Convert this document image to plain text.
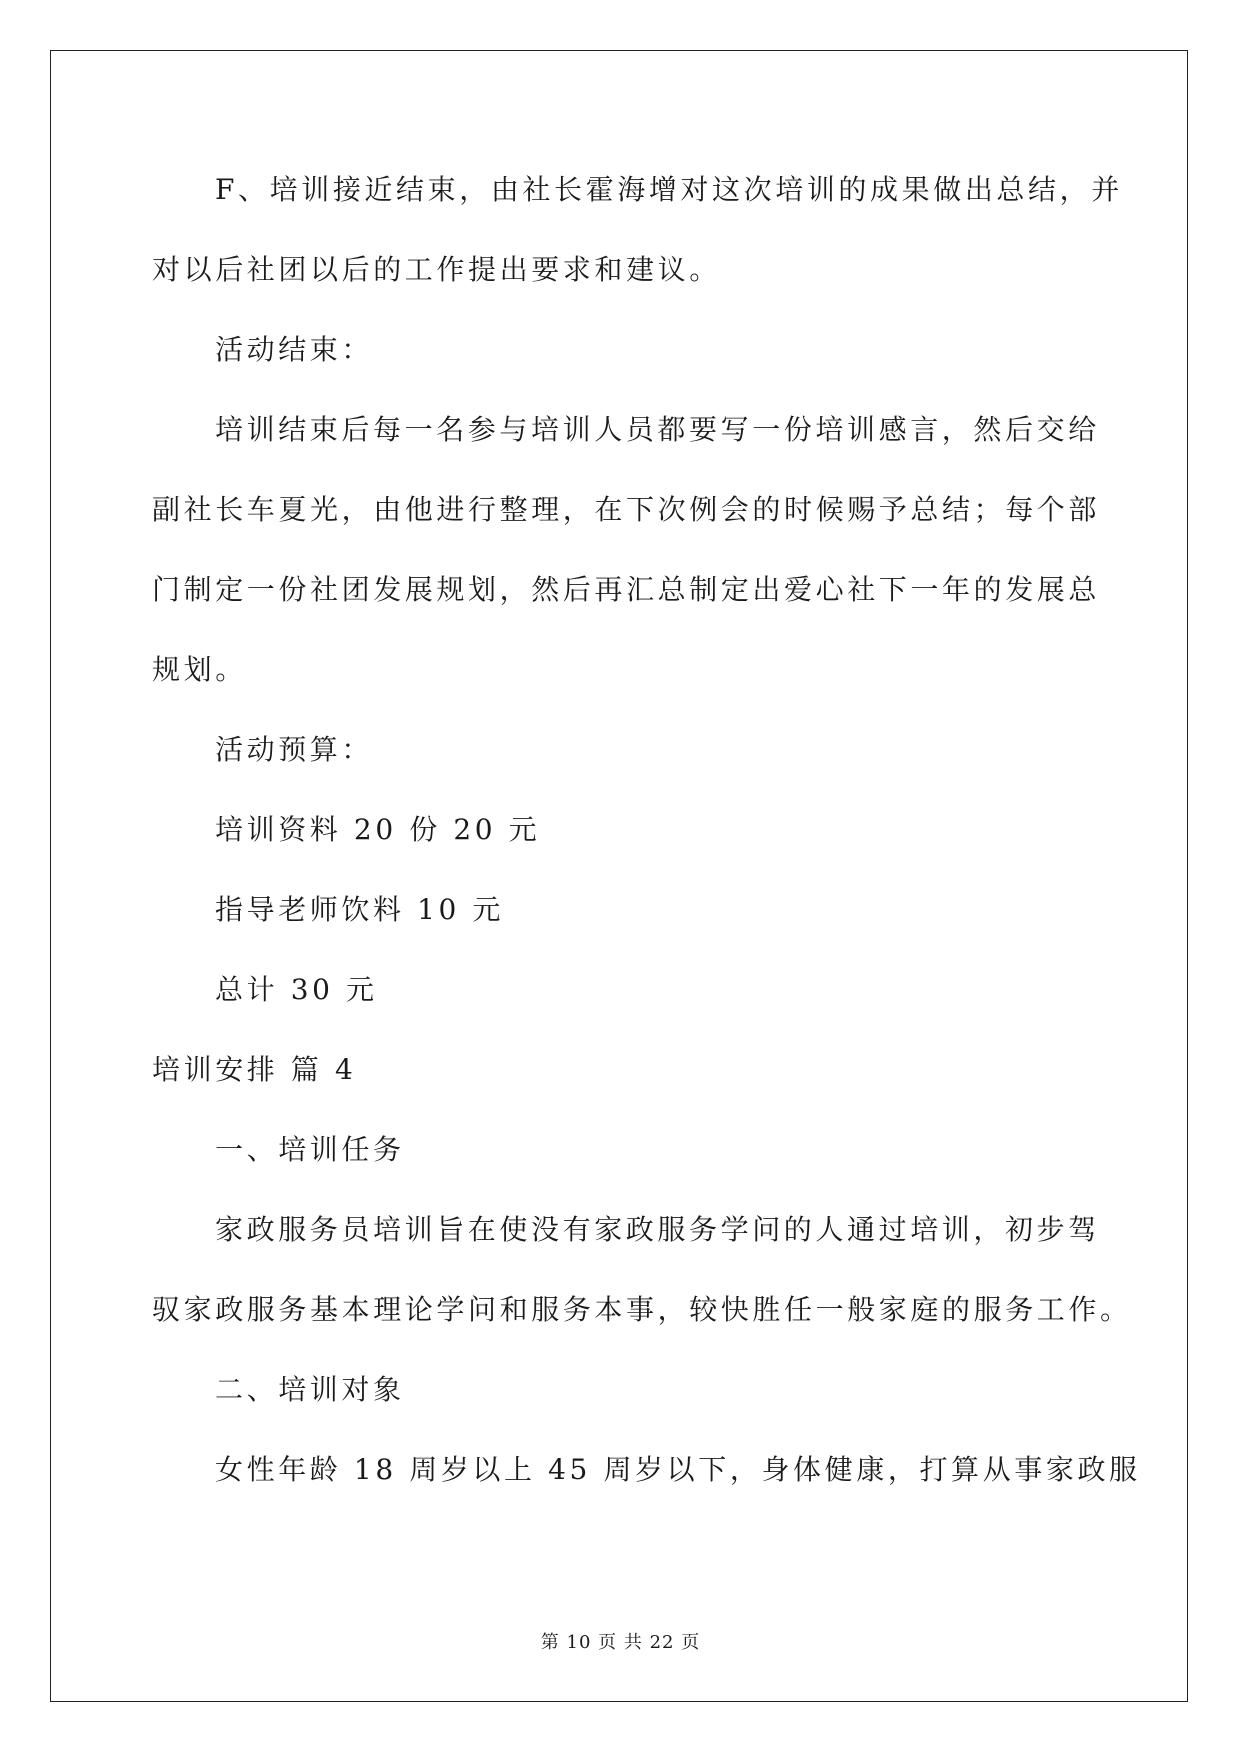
F、培训接近结束，由社长霍海增对这次培训的成果做出总结，并
对以后社团以后的工作提出要求和建议。
活动结束：
培训结束后每一名参与培训人员都要写一份培训感言，然后交给
副社长车夏光，由他进行整理，在下次例会的时候赐予总结；每个部
门制定一份社团发展规划，然后再汇总制定出爱心社下一年的发展总
规划。
活动预算：
培训资料 20 份 20 元
指导老师饮料 10 元
总计 30 元
培训安排 篇 4
一、培训任务
家政服务员培训旨在使没有家政服务学问的人通过培训，初步驾
驭家政服务基本理论学问和服务本事，较快胜任一般家庭的服务工作。
二、培训对象
女性年龄 18 周岁以上 45 周岁以下，身体健康，打算从事家政服
第 10 页 共 22 页
